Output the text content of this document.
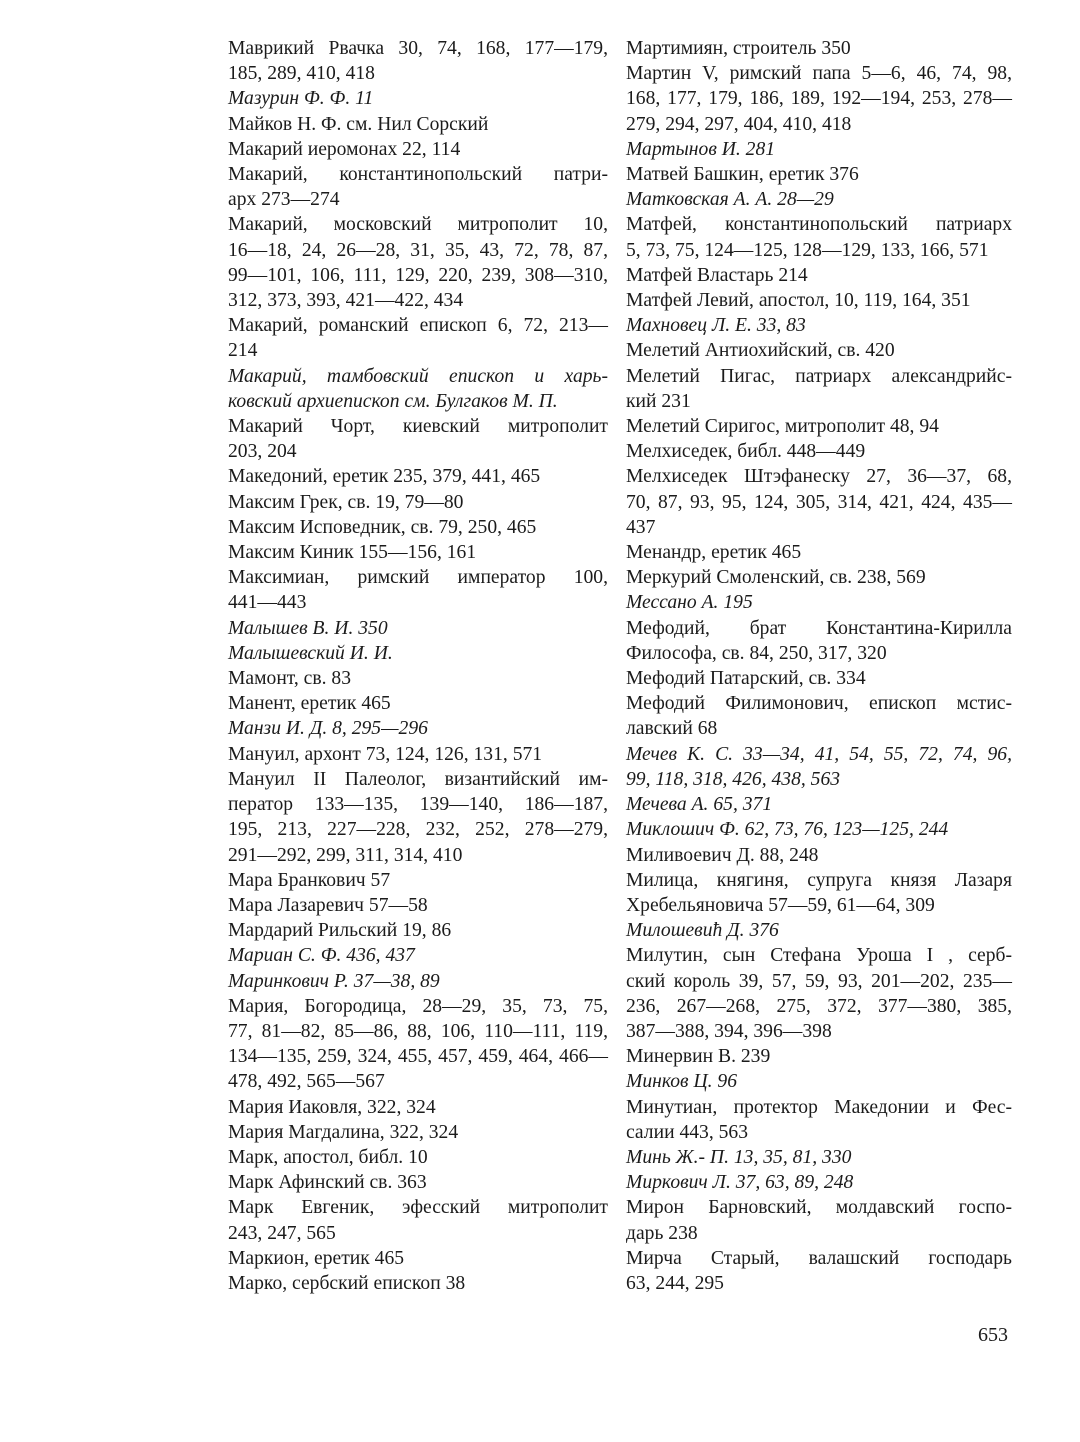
Маврикий Рвачка 30, 74, 168, 177—179,
185, 289, 410, 418
Мазурин Ф. Ф. 11
Майков Н. Ф. см. Нил Сорский
Макарий иеромонах 22, 114
Макарий, константинопольский патри-
арх 273—274
Макарий, московский митрополит 10,
16—18, 24, 26—28, 31, 35, 43, 72, 78, 87,
99—101, 106, 111, 129, 220, 239, 308—310,
312, 373, 393, 421—422, 434
Макарий, романский епископ 6, 72, 213—
214
Макарий, тамбовский епископ и харь-
ковский архиепископ см. Булгаков М. П.
Макарий Чорт, киевский митрополит
203, 204
Македоний, еретик 235, 379, 441, 465
Максим Грек, св. 19, 79—80
Максим Исповедник, св. 79, 250, 465
Максим Киник 155—156, 161
Максимиан, римский император 100,
441—443
Малышев В. И. 350
Малышевский И. И.
Мамонт, св. 83
Манент, еретик 465
Манзи И. Д. 8, 295—296
Мануил, архонт 73, 124, 126, 131, 571
Мануил II Палеолог, византийский им-
ператор 133—135, 139—140, 186—187,
195, 213, 227—228, 232, 252, 278—279,
291—292, 299, 311, 314, 410
Мара Бранкович 57
Мара Лазаревич 57—58
Мардарий Рильский 19, 86
Мариан С. Ф. 436, 437
Маринкович Р. 37—38, 89
Мария, Богородица, 28—29, 35, 73, 75,
77, 81—82, 85—86, 88, 106, 110—111, 119,
134—135, 259, 324, 455, 457, 459, 464, 466—
478, 492, 565—567
Мария Иаковля, 322, 324
Мария Магдалина, 322, 324
Марк, апостол, библ. 10
Марк Афинский св. 363
Марк Евгеник, эфесский митрополит
243, 247, 565
Маркион, еретик 465
Марко, сербский епископ 38
Мартимиян, строитель 350
Мартин V, римский папа 5—6, 46, 74, 98,
168, 177, 179, 186, 189, 192—194, 253, 278—
279, 294, 297, 404, 410, 418
Мартынов И. 281
Матвей Башкин, еретик 376
Матковская А. А. 28—29
Матфей, константинопольский патриарх
5, 73, 75, 124—125, 128—129, 133, 166, 571
Матфей Властарь 214
Матфей Левий, апостол, 10, 119, 164, 351
Махновец Л. Е. 33, 83
Мелетий Антиохийский, св. 420
Мелетий Пигас, патриарх александрийс-
кий 231
Мелетий Сиригос, митрополит 48, 94
Мелхиседек, библ. 448—449
Мелхиседек Штэфанеску 27, 36—37, 68,
70, 87, 93, 95, 124, 305, 314, 421, 424, 435—
437
Менандр, еретик 465
Меркурий Смоленский, св. 238, 569
Мессано А. 195
Мефодий, брат Константина-Кирилла
Философа, св. 84, 250, 317, 320
Мефодий Патарский, св. 334
Мефодий Филимонович, епископ мстис-
лавский 68
Мечев К. С. 33—34, 41, 54, 55, 72, 74, 96,
99, 118, 318, 426, 438, 563
Мечева А. 65, 371
Миклошич Ф. 62, 73, 76, 123—125, 244
Миливоевич Д. 88, 248
Милица, княгиня, супруга князя Лазаря
Хребельяновича 57—59, 61—64, 309
Милошевић Д. 376
Милутин, сын Стефана Уроша I , серб-
ский король 39, 57, 59, 93, 201—202, 235—
236, 267—268, 275, 372, 377—380, 385,
387—388, 394, 396—398
Минервин В. 239
Минков Ц. 96
Минутиан, протектор Македонии и Фес-
салии 443, 563
Минь Ж.- П. 13, 35, 81, 330
Миркович Л. 37, 63, 89, 248
Мирон Барновский, молдавский госпо-
дарь 238
Мирча Старый, валашский господарь
63, 244, 295
653
